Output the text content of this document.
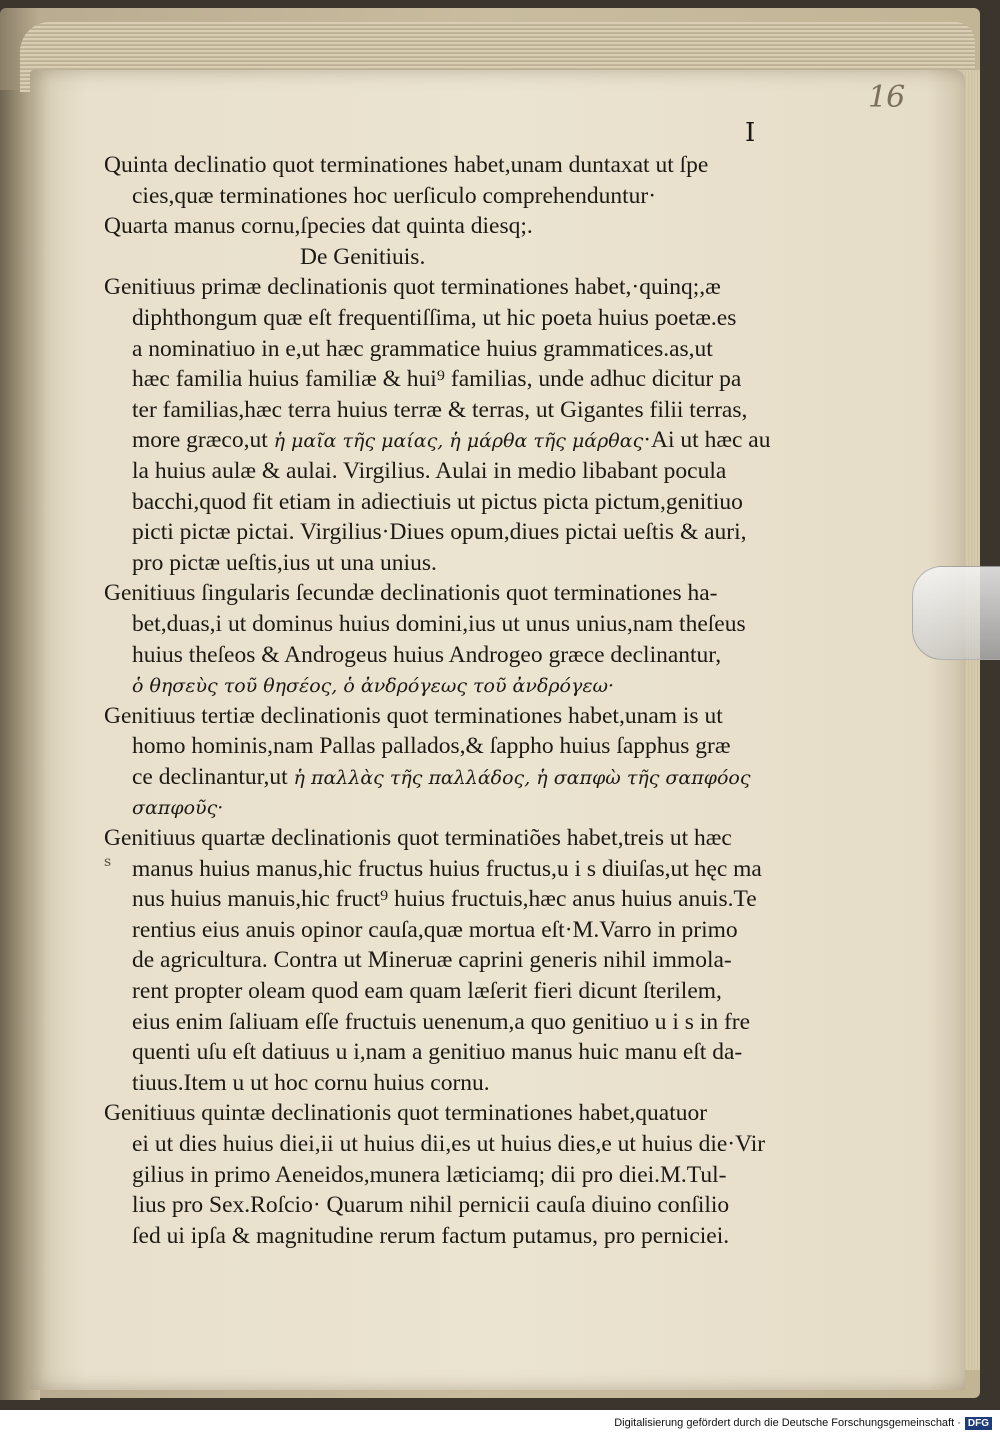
16
I
s
Quinta declinatio quot terminationes habet,unam duntaxat ut ſpe
cies,quæ terminationes hoc uerſiculo comprehenduntur·
Quarta manus cornu,ſpecies dat quinta diesq;.
De Genitiuis.
Genitiuus primæ declinationis quot terminationes habet,·quinq;,æ
diphthongum quæ eſt frequentiſſima, ut hic poeta huius poetæ.es
a nominatiuo in e,ut hæc grammatice huius grammatices.as,ut
hæc familia huius familiæ & hui⁹ familias, unde adhuc dicitur pa
ter familias,hæc terra huius terræ & terras, ut Gigantes filii terras,
more græco,ut ἡ μαῖα τῆς μαίας, ἡ μάρθα τῆς μάρθας·Ai ut hæc au
la huius aulæ & aulai. Virgilius. Aulai in medio libabant pocula
bacchi,quod fit etiam in adiectiuis ut pictus picta pictum,genitiuo
picti pictæ pictai. Virgilius·Diues opum,diues pictai ueſtis & auri,
pro pictæ ueſtis,ius ut una unius.
Genitiuus ſingularis ſecundæ declinationis quot terminationes ha-
bet,duas,i ut dominus huius domini,ius ut unus unius,nam theſeus
huius theſeos & Androgeus huius Androgeo græce declinantur,
ὁ θησεὺς τοῦ θησέος, ὁ ἀνδρόγεως τοῦ ἀνδρόγεω·
Genitiuus tertiæ declinationis quot terminationes habet,unam is ut
homo hominis,nam Pallas pallados,& ſappho huius ſapphus græ
ce declinantur,ut ἡ παλλὰς τῆς παλλάδος, ἡ σαπφὼ τῆς σαπφόος
σαπφοῦς·
Genitiuus quartæ declinationis quot terminatiões habet,treis ut hæc
manus huius manus,hic fructus huius fructus,u i s diuiſas,ut hęc ma
nus huius manuis,hic fruct⁹ huius fructuis,hæc anus huius anuis.Te
rentius eius anuis opinor cauſa,quæ mortua eſt·M.Varro in primo
de agricultura. Contra ut Mineruæ caprini generis nihil immola-
rent propter oleam quod eam quam læſerit fieri dicunt ſterilem,
eius enim ſaliuam eſſe fructuis uenenum,a quo genitiuo u i s in fre
quenti uſu eſt datiuus u i,nam a genitiuo manus huic manu eſt da-
tiuus.Item u ut hoc cornu huius cornu.
Genitiuus quintæ declinationis quot terminationes habet,quatuor
ei ut dies huius diei,ii ut huius dii,es ut huius dies,e ut huius die·Vir
gilius in primo Aeneidos,munera læticiamq; dii pro diei.M.Tul-
lius pro Sex.Roſcio· Quarum nihil pernicii cauſa diuino conſilio
ſed ui ipſa & magnitudine rerum factum putamus, pro perniciei.
Digitalisierung gefördert durch die Deutsche Forschungsgemeinschaft · DFG
